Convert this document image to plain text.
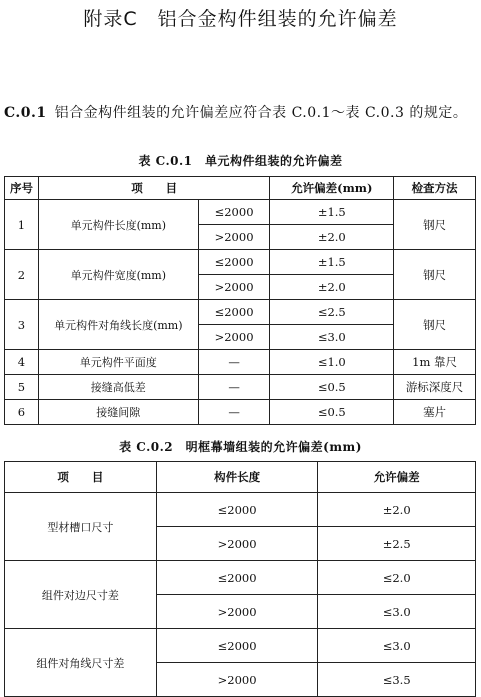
附录C　铝合金构件组装的允许偏差
C.0.1 铝合金构件组装的允许偏差应符合表 C.0.1～表 C.0.3 的规定。
表 C.0.1　单元构件组装的允许偏差
序号	项　　目		允许偏差(mm)	检查方法
1	单元构件长度(mm)	≤2000	±1.5	钢尺
		>2000	±2.0	
2	单元构件宽度(mm)	≤2000	±1.5	钢尺
		>2000	±2.0	
3	单元构件对角线长度(mm)	≤2000	≤2.5	钢尺
		>2000	≤3.0	
4	单元构件平面度	—	≤1.0	1m 靠尺
5	接缝高低差	—	≤0.5	游标深度尺
6	接缝间隙	—	≤0.5	塞片
表 C.0.2　明框幕墙组装的允许偏差(mm)
项　　目	构件长度	允许偏差
型材槽口尺寸	≤2000	±2.0
	>2000	±2.5
组件对边尺寸差	≤2000	≤2.0
	>2000	≤3.0
组件对角线尺寸差	≤2000	≤3.0
	>2000	≤3.5
